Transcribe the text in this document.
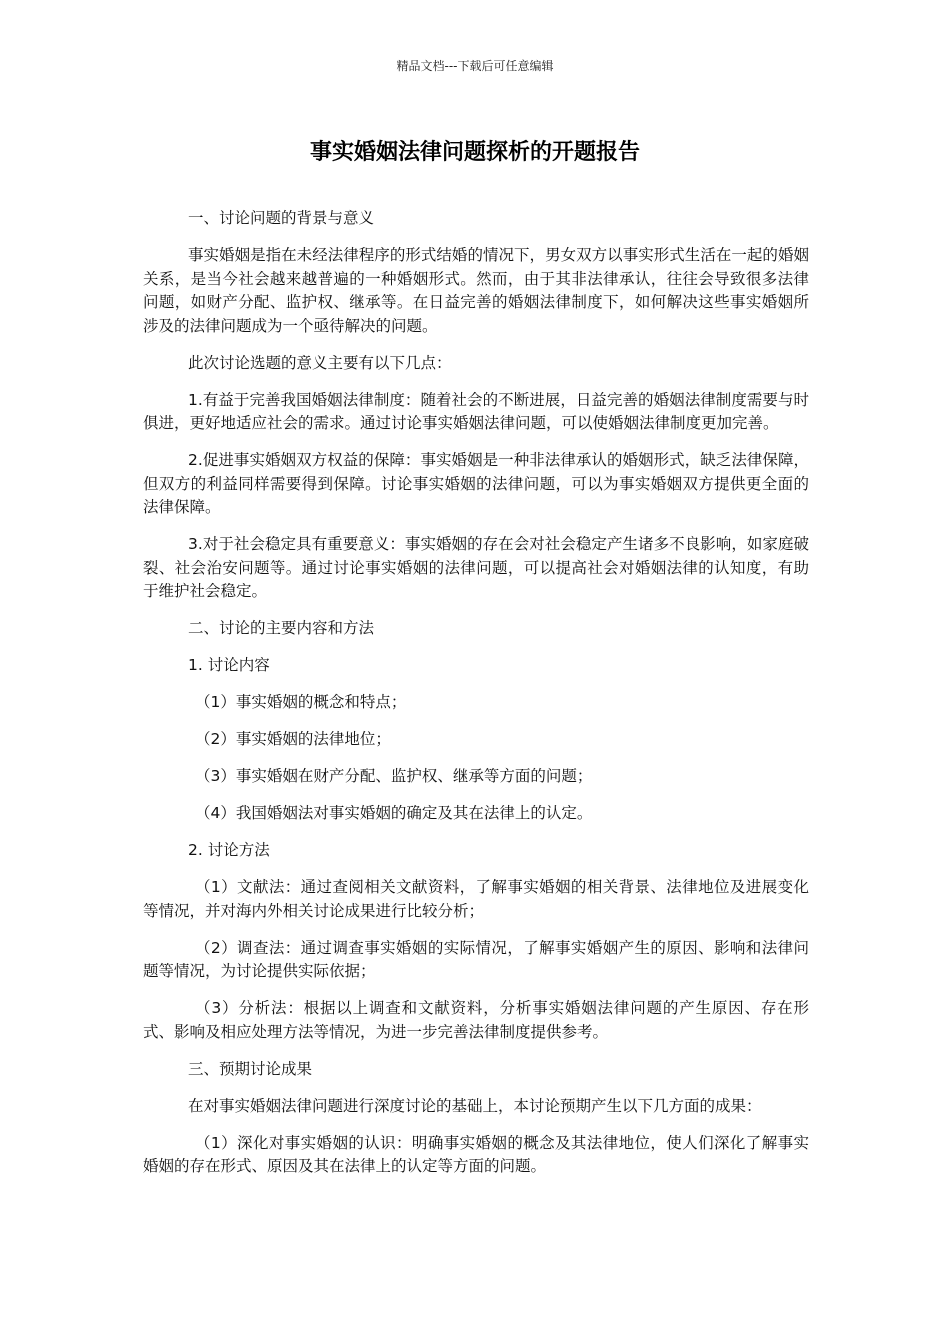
精品文档---下载后可任意编辑
事实婚姻法律问题探析的开题报告

一、讨论问题的背景与意义

事实婚姻是指在未经法律程序的形式结婚的情况下，男女双方以事实形式生活在一起的婚姻关系，是当今社会越来越普遍的一种婚姻形式。然而，由于其非法律承认，往往会导致很多法律问题，如财产分配、监护权、继承等。在日益完善的婚姻法律制度下，如何解决这些事实婚姻所涉及的法律问题成为一个亟待解决的问题。

此次讨论选题的意义主要有以下几点：

1.有益于完善我国婚姻法律制度：随着社会的不断进展，日益完善的婚姻法律制度需要与时俱进，更好地适应社会的需求。通过讨论事实婚姻法律问题，可以使婚姻法律制度更加完善。

2.促进事实婚姻双方权益的保障：事实婚姻是一种非法律承认的婚姻形式，缺乏法律保障，但双方的利益同样需要得到保障。讨论事实婚姻的法律问题，可以为事实婚姻双方提供更全面的法律保障。

3.对于社会稳定具有重要意义：事实婚姻的存在会对社会稳定产生诸多不良影响，如家庭破裂、社会治安问题等。通过讨论事实婚姻的法律问题，可以提高社会对婚姻法律的认知度，有助于维护社会稳定。

二、讨论的主要内容和方法

1. 讨论内容

（1）事实婚姻的概念和特点；

（2）事实婚姻的法律地位；

（3）事实婚姻在财产分配、监护权、继承等方面的问题；

（4）我国婚姻法对事实婚姻的确定及其在法律上的认定。

2. 讨论方法

（1）文献法：通过查阅相关文献资料，了解事实婚姻的相关背景、法律地位及进展变化等情况，并对海内外相关讨论成果进行比较分析；

（2）调查法：通过调查事实婚姻的实际情况，了解事实婚姻产生的原因、影响和法律问题等情况，为讨论提供实际依据；

（3）分析法：根据以上调查和文献资料，分析事实婚姻法律问题的产生原因、存在形式、影响及相应处理方法等情况，为进一步完善法律制度提供参考。

三、预期讨论成果

在对事实婚姻法律问题进行深度讨论的基础上，本讨论预期产生以下几方面的成果：

（1）深化对事实婚姻的认识：明确事实婚姻的概念及其法律地位，使人们深化了解事实婚姻的存在形式、原因及其在法律上的认定等方面的问题。
